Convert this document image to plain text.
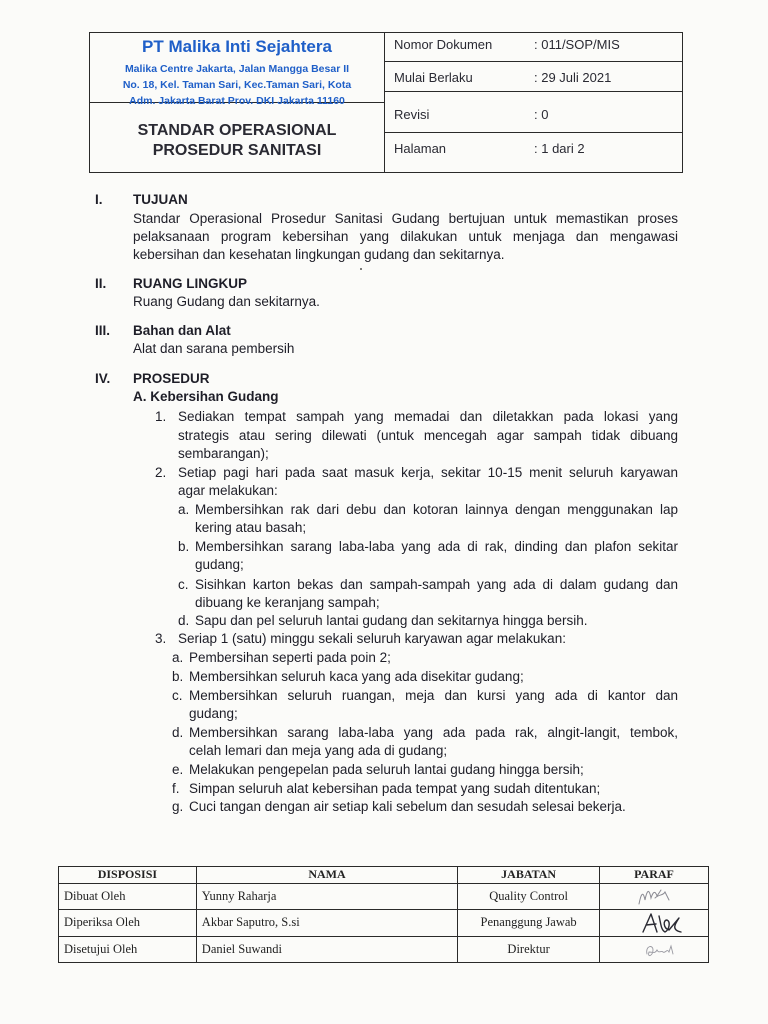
PT Malika Inti Sejahtera
Malika Centre Jakarta, Jalan Mangga Besar II
No. 18, Kel. Taman Sari, Kec.Taman Sari, Kota
Adm. Jakarta Barat Prov. DKI Jakarta 11160
STANDAR OPERASIONAL
PROSEDUR SANITASI
Nomor Dokumen	: 011/SOP/MIS
Mulai Berlaku	: 29 Juli 2021
Revisi	: 0
Halaman	: 1 dari 2
I. TUJUAN
Standar Operasional Prosedur Sanitasi Gudang bertujuan untuk memastikan proses
pelaksanaan program kebersihan yang dilakukan untuk menjaga dan mengawasi
kebersihan dan kesehatan lingkungan gudang dan sekitarnya.
II. RUANG LINGKUP
Ruang Gudang dan sekitarnya.
III. Bahan dan Alat
Alat dan sarana pembersih
IV. PROSEDUR
A. Kebersihan Gudang
1. Sediakan tempat sampah yang memadai dan diletakkan pada lokasi yang
strategis atau sering dilewati (untuk mencegah agar sampah tidak dibuang
sembarangan);
2. Setiap pagi hari pada saat masuk kerja, sekitar 10-15 menit seluruh karyawan
agar melakukan:
a. Membersihkan rak dari debu dan kotoran lainnya dengan menggunakan lap
kering atau basah;
b. Membersihkan sarang laba-laba yang ada di rak, dinding dan plafon sekitar
gudang;
c. Sisihkan karton bekas dan sampah-sampah yang ada di dalam gudang dan
dibuang ke keranjang sampah;
d. Sapu dan pel seluruh lantai gudang dan sekitarnya hingga bersih.
3. Seriap 1 (satu) minggu sekali seluruh karyawan agar melakukan:
a. Pembersihan seperti pada poin 2;
b. Membersihkan seluruh kaca yang ada disekitar gudang;
c. Membersihkan seluruh ruangan, meja dan kursi yang ada di kantor dan
gudang;
d. Membersihkan sarang laba-laba yang ada pada rak, alngit-langit, tembok,
celah lemari dan meja yang ada di gudang;
e. Melakukan pengepelan pada seluruh lantai gudang hingga bersih;
f. Simpan seluruh alat kebersihan pada tempat yang sudah ditentukan;
g. Cuci tangan dengan air setiap kali sebelum dan sesudah selesai bekerja.
DISPOSISI	NAMA	JABATAN	PARAF
Dibuat Oleh	Yunny Raharja	Quality Control	

Diperiksa Oleh	Akbar Saputro, S.si	Penanggung Jawab	

Disetujui Oleh	Daniel Suwandi	Direktur	
